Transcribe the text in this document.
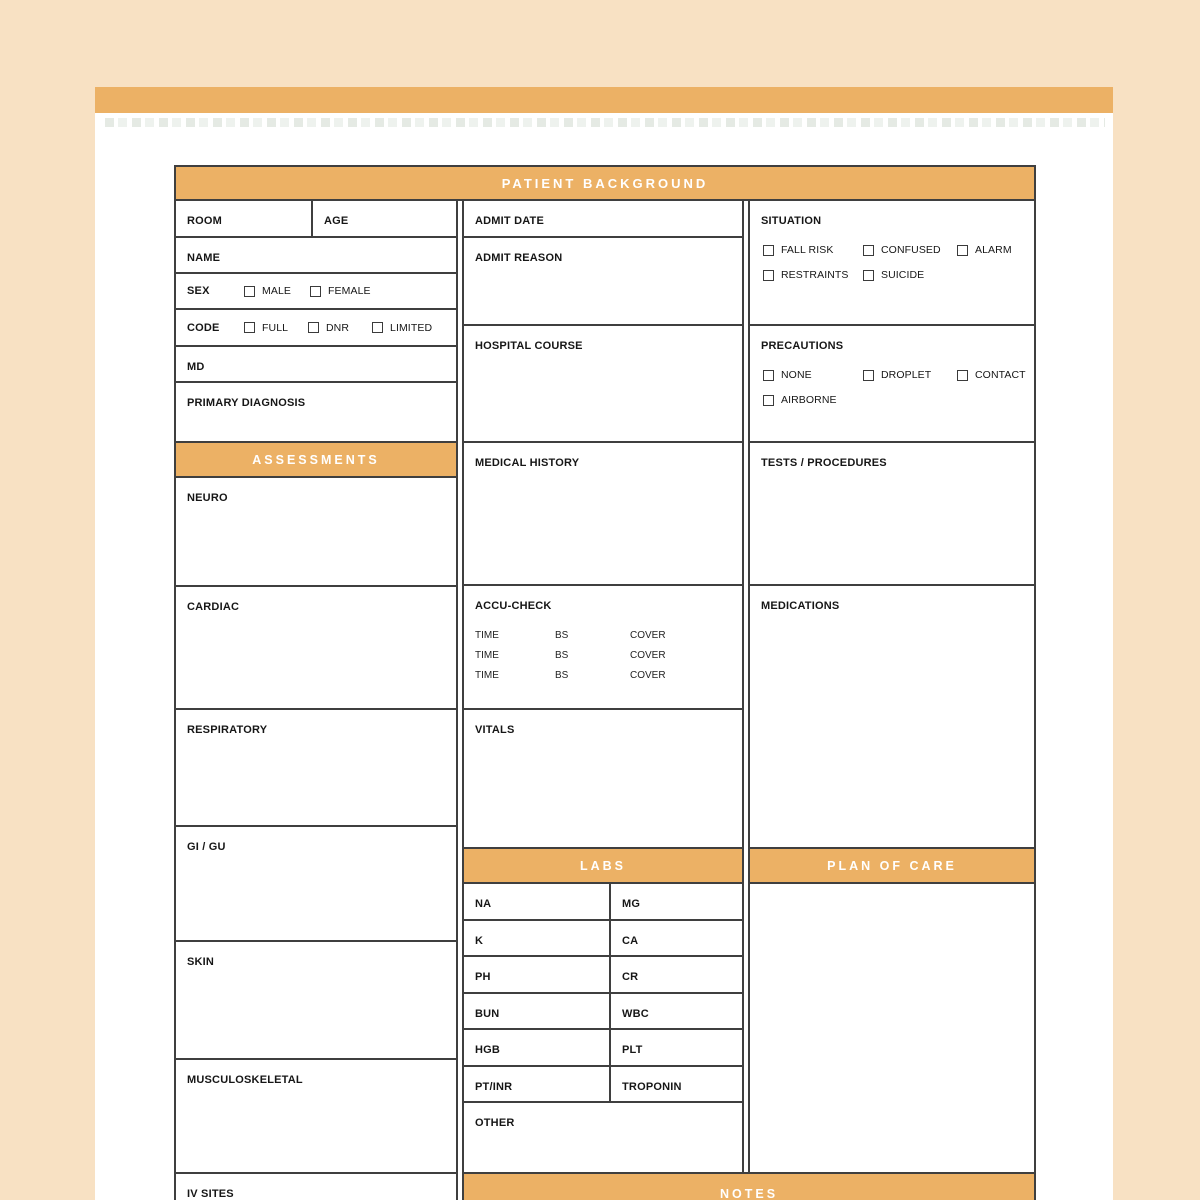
PATIENT BACKGROUND
ROOM	AGE
NAME
SEX	MALE	FEMALE
CODE	FULL	DNR	LIMITED
MD
PRIMARY DIAGNOSIS
ASSESSMENTS
NEURO
CARDIAC
RESPIRATORY
GI / GU
SKIN
MUSCULOSKELETAL
IV SITES
ADMIT DATE
ADMIT REASON
HOSPITAL COURSE
MEDICAL HISTORY
ACCU-CHECK
TIME	BS	COVER
TIME	BS	COVER
TIME	BS	COVER
VITALS
LABS
NA	MG
K	CA
PH	CR
BUN	WBC
HGB	PLT
PT/INR	TROPONIN
OTHER
SITUATION
FALL RISK	CONFUSED	ALARM
RESTRAINTS	SUICIDE
PRECAUTIONS
NONE	DROPLET	CONTACT
AIRBORNE
TESTS / PROCEDURES
MEDICATIONS
PLAN OF CARE
NOTES
